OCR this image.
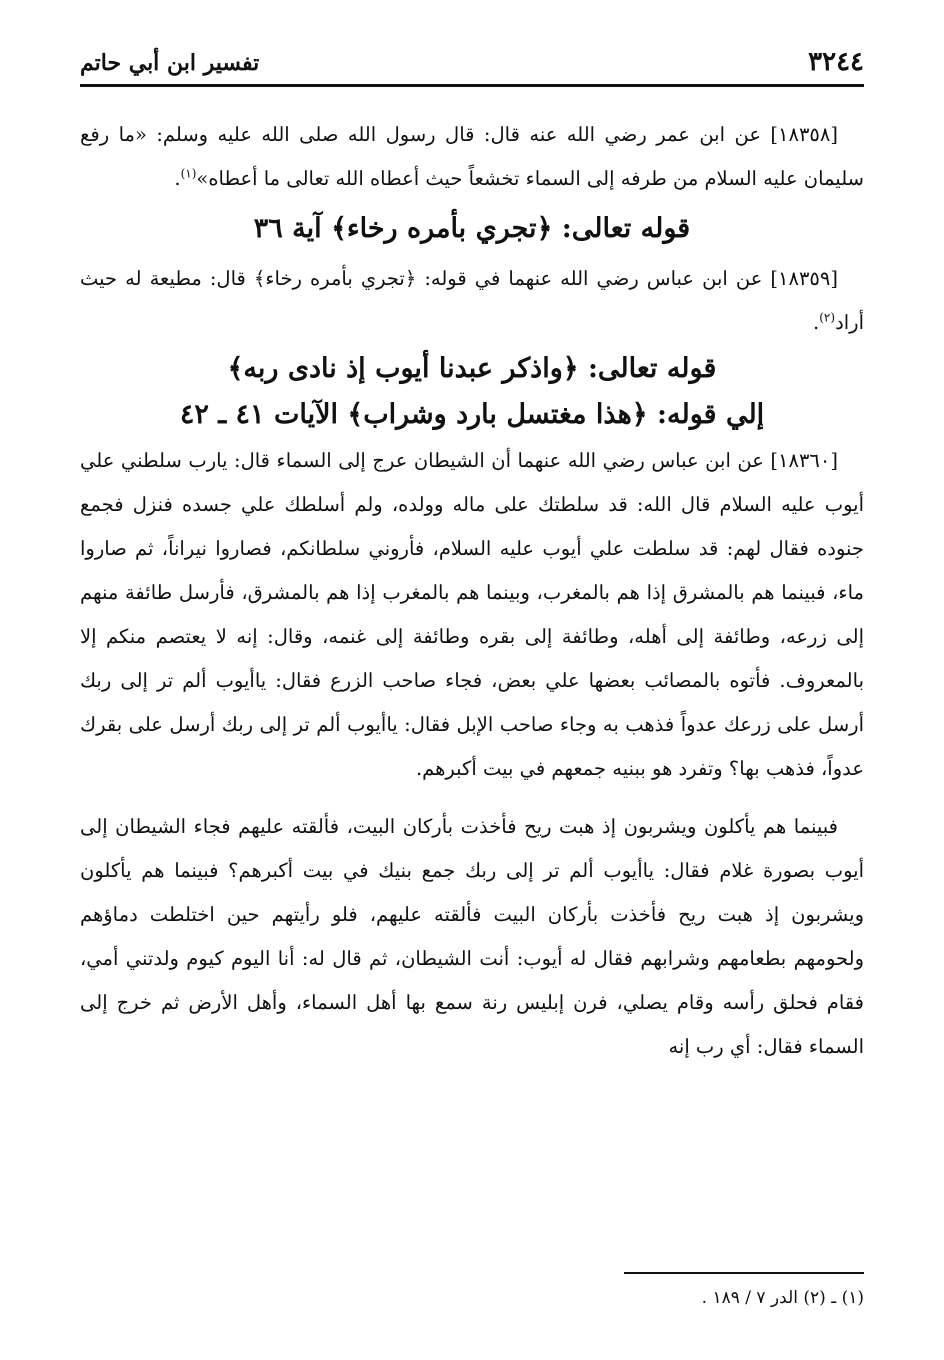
٣٢٤٤
تفسير ابن أبي حاتم

[١٨٣٥٨] عن ابن عمر رضي الله عنه قال: قال رسول الله صلى الله عليه وسلم: «ما رفع سليمان عليه السلام من طرفه إلى السماء تخشعاً حيث أعطاه الله تعالى ما أعطاه»$^{(١)}$.

قوله تعالى: ﴿تجري بأمره رخاء﴾ آية ٣٦

[١٨٣٥٩] عن ابن عباس رضي الله عنهما في قوله: ﴿تجري بأمره رخاء﴾ قال: مطيعة له حيث أراد$^{(٢)}$.

قوله تعالى: ﴿واذكر عبدنا أيوب إذ نادى ربه﴾
إلي قوله: ﴿هذا مغتسل بارد وشراب﴾ الآيات ٤١ ـ ٤٢

[١٨٣٦٠] عن ابن عباس رضي الله عنهما أن الشيطان عرج إلى السماء قال: يارب سلطني علي أيوب عليه السلام قال الله: قد سلطتك على ماله وولده، ولم أسلطك علي جسده فنزل فجمع جنوده فقال لهم: قد سلطت علي أيوب عليه السلام، فأروني سلطانكم، فصاروا نيراناً، ثم صاروا ماء، فبينما هم بالمشرق إذا هم بالمغرب، وبينما هم بالمغرب إذا هم بالمشرق، فأرسل طائفة منهم إلى زرعه، وطائفة إلى أهله، وطائفة إلى بقره وطائفة إلى غنمه، وقال: إنه لا يعتصم منكم إلا بالمعروف. فأتوه بالمصائب بعضها علي بعض، فجاء صاحب الزرع فقال: ياأيوب ألم تر إلى ربك أرسل على زرعك عدواً فذهب به وجاء صاحب الإبل فقال: ياأيوب ألم تر إلى ربك أرسل على بقرك عدواً، فذهب بها؟ وتفرد هو ببنيه جمعهم في بيت أكبرهم.

فبينما هم يأكلون ويشربون إذ هبت ريح فأخذت بأركان البيت، فألقته عليهم فجاء الشيطان إلى أيوب بصورة غلام فقال: ياأيوب ألم تر إلى ربك جمع بنيك في بيت أكبرهم؟ فبينما هم يأكلون ويشربون إذ هبت ريح فأخذت بأركان البيت فألقته عليهم، فلو رأيتهم حين اختلطت دماؤهم ولحومهم بطعامهم وشرابهم فقال له أيوب: أنت الشيطان، ثم قال له: أنا اليوم كيوم ولدتني أمي، فقام فحلق رأسه وقام يصلي، فرن إبليس رنة سمع بها أهل السماء، وأهل الأرض ثم خرج إلى السماء فقال: أي رب إنه

(١) ـ (٢) الدر ٧ / ١٨٩ .
